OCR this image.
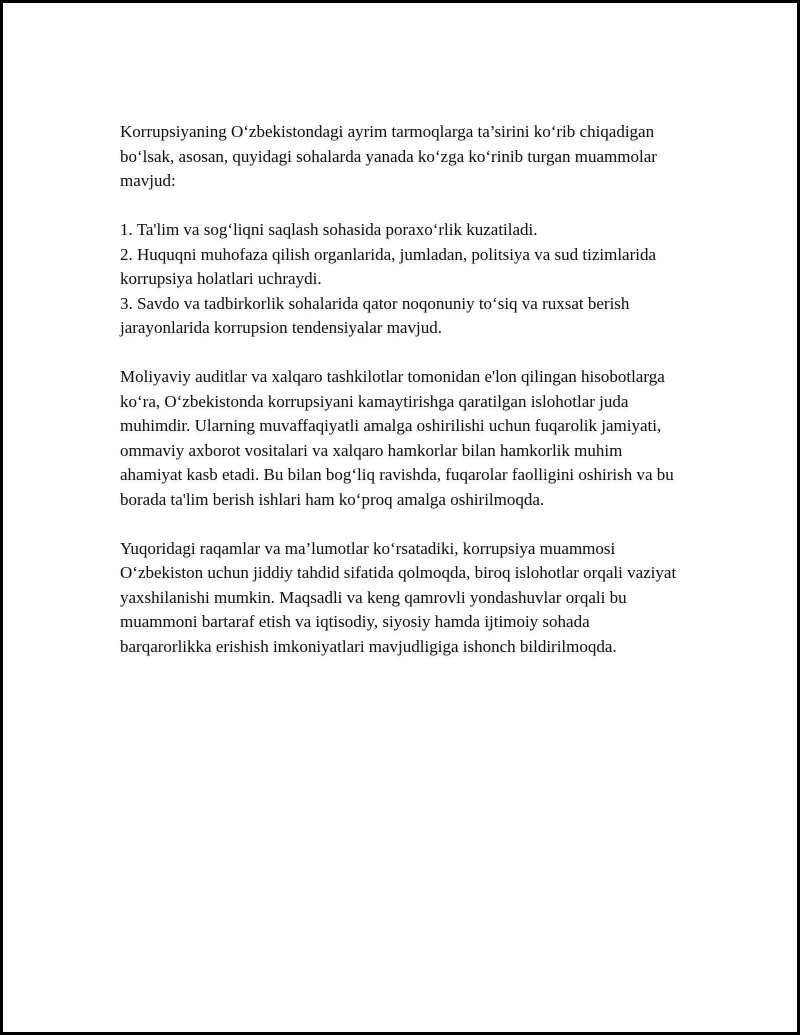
Korrupsiyaning O‘zbekistondagi ayrim tarmoqlarga ta’sirini ko‘rib chiqadigan bo‘lsak, asosan, quyidagi sohalarda yanada ko‘zga ko‘rinib turgan muammolar mavjud:

1. Ta'lim va sog‘liqni saqlash sohasida poraxo‘rlik kuzatiladi.

2. Huquqni muhofaza qilish organlarida, jumladan, politsiya va sud tizimlarida korrupsiya holatlari uchraydi.

3. Savdo va tadbirkorlik sohalarida qator noqonuniy to‘siq va ruxsat berish jarayonlarida korrupsion tendensiyalar mavjud.

Moliyaviy auditlar va xalqaro tashkilotlar tomonidan e'lon qilingan hisobotlarga ko‘ra, O‘zbekistonda korrupsiyani kamaytirishga qaratilgan islohotlar juda muhimdir. Ularning muvaffaqiyatli amalga oshirilishi uchun fuqarolik jamiyati, ommaviy axborot vositalari va xalqaro hamkorlar bilan hamkorlik muhim ahamiyat kasb etadi. Bu bilan bog‘liq ravishda, fuqarolar faolligini oshirish va bu borada ta'lim berish ishlari ham ko‘proq amalga oshirilmoqda.

Yuqoridagi raqamlar va ma’lumotlar ko‘rsatadiki, korrupsiya muammosi O‘zbekiston uchun jiddiy tahdid sifatida qolmoqda, biroq islohotlar orqali vaziyat yaxshilanishi mumkin. Maqsadli va keng qamrovli yondashuvlar orqali bu muammoni bartaraf etish va iqtisodiy, siyosiy hamda ijtimoiy sohada barqarorlikka erishish imkoniyatlari mavjudligiga ishonch bildirilmoqda.
